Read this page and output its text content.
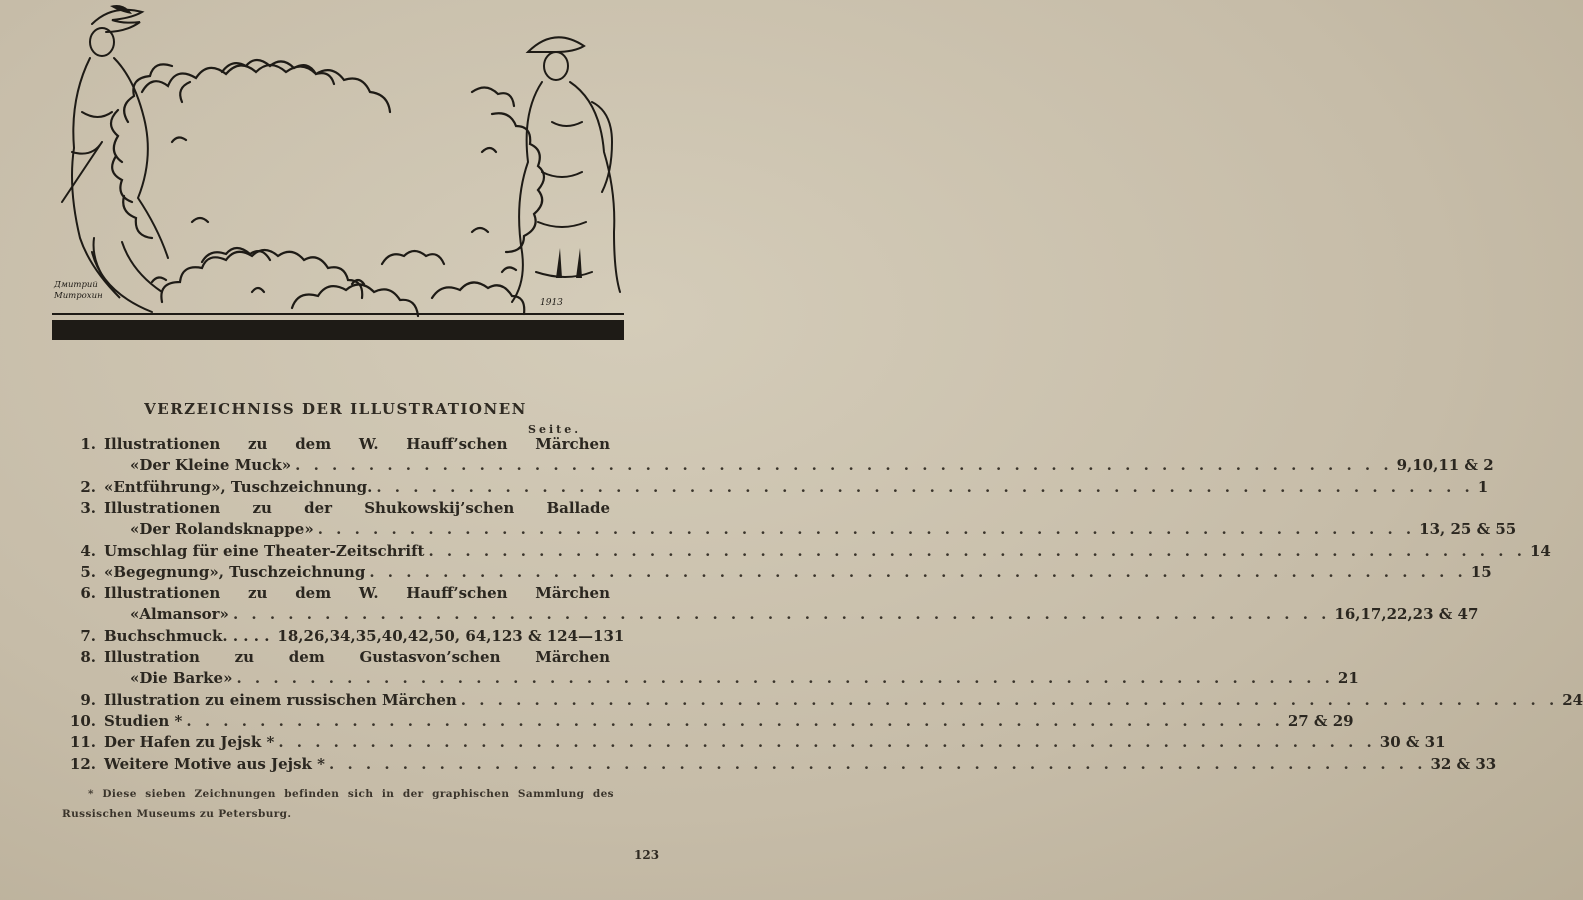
Дмитрий Митрохин
1913
VERZEICHNISS DER ILLUSTRATIONEN
Seite.
1. Illustrationen zu dem W. Hauff’schen Märchen
«Der Kleine Muck» . . . . . . . . . . . . . . . . . . . . . . . . . . . . . . . . . . . . . . . . . . . . . . . . . . . . . . . . . . . . 9,10,11 & 2
2. «Entführung», Tuschzeichnung. . . . . . . . . . . . . . . . . . . . . . . . . . . . . . . . . . . . . . . . . . . . . . . . . . . . . . . . . . . . . 1
3. Illustrationen zu der Shukowskij’schen Ballade
«Der Rolandsknappe» . . . . . . . . . . . . . . . . . . . . . . . . . . . . . . . . . . . . . . . . . . . . . . . . . . . . . . . . . . . . 13, 25 & 55
4. Umschlag für eine Theater-Zeitschrift . . . . . . . . . . . . . . . . . . . . . . . . . . . . . . . . . . . . . . . . . . . . . . . . . . . . . . . . . . . . 14
5. «Begegnung», Tuschzeichnung . . . . . . . . . . . . . . . . . . . . . . . . . . . . . . . . . . . . . . . . . . . . . . . . . . . . . . . . . . . . 15
6. Illustrationen zu dem W. Hauff’schen Märchen
«Almansor» . . . . . . . . . . . . . . . . . . . . . . . . . . . . . . . . . . . . . . . . . . . . . . . . . . . . . . . . . . . . 16,17,22,23 & 47
7. Buchschmuck. . . . . 18,26,34,35,40,42,50, 64,123 & 124—131
8. Illustration zu dem Gustasvon’schen Märchen
«Die Barke» . . . . . . . . . . . . . . . . . . . . . . . . . . . . . . . . . . . . . . . . . . . . . . . . . . . . . . . . . . . . 21
9. Illustration zu einem russischen Märchen . . . . . . . . . . . . . . . . . . . . . . . . . . . . . . . . . . . . . . . . . . . . . . . . . . . . . . . . . . . . 24
10. Studien * . . . . . . . . . . . . . . . . . . . . . . . . . . . . . . . . . . . . . . . . . . . . . . . . . . . . . . . . . . . . 27 & 29
11. Der Hafen zu Jejsk * . . . . . . . . . . . . . . . . . . . . . . . . . . . . . . . . . . . . . . . . . . . . . . . . . . . . . . . . . . . . 30 & 31
12. Weitere Motive aus Jejsk * . . . . . . . . . . . . . . . . . . . . . . . . . . . . . . . . . . . . . . . . . . . . . . . . . . . . . . . . . . . . 32 & 33
* Diese sieben Zeichnungen befinden sich in der graphischen Sammlung des
Russischen Museums zu Petersburg.
123
